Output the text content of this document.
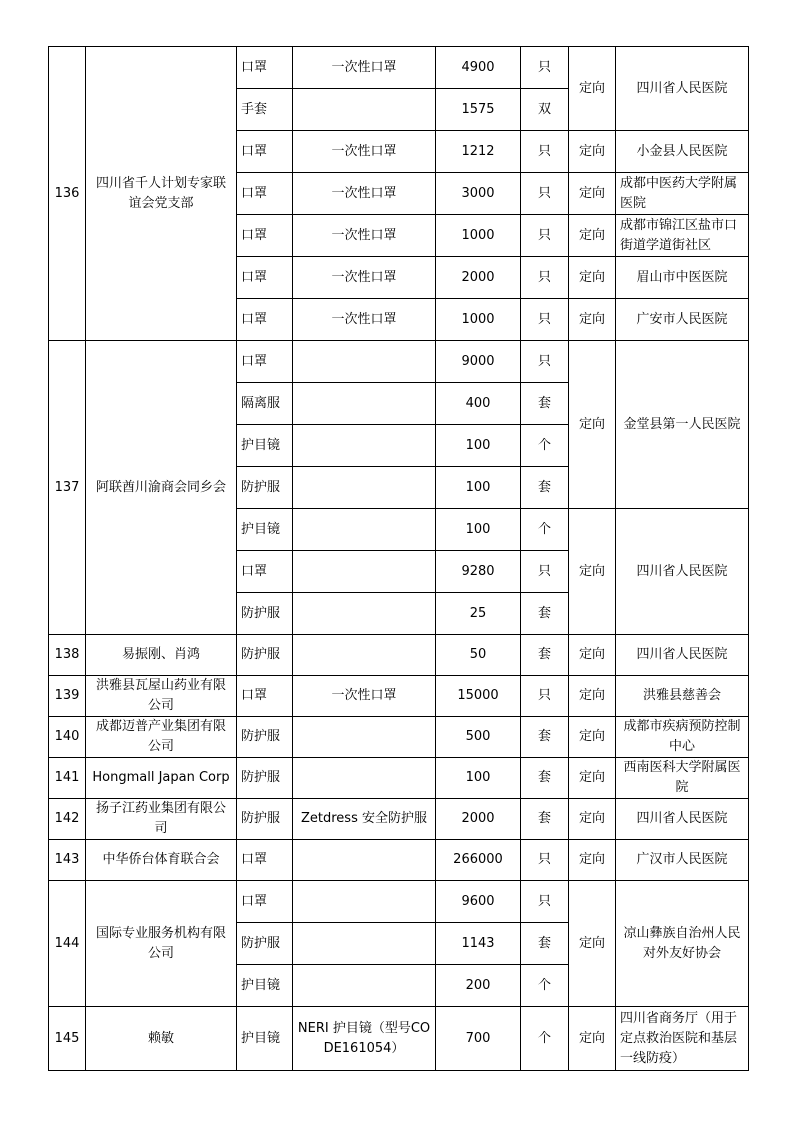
136	四川省千人计划专家联谊会党支部	口罩	一次性口罩	4900	只	定向	四川省人民医院
		手套		1575	双		
		口罩	一次性口罩	1212	只	定向	小金县人民医院
		口罩	一次性口罩	3000	只	定向	成都中医药大学附属医院
		口罩	一次性口罩	1000	只	定向	成都市锦江区盐市口街道学道街社区
		口罩	一次性口罩	2000	只	定向	眉山市中医医院
		口罩	一次性口罩	1000	只	定向	广安市人民医院
137	阿联酋川渝商会同乡会	口罩		9000	只	定向	金堂县第一人民医院
		隔离服		400	套		
		护目镜		100	个		
		防护服		100	套		
		护目镜		100	个	定向	四川省人民医院
		口罩		9280	只		
		防护服		25	套		
138	易振刚、肖鸿	防护服		50	套	定向	四川省人民医院
139	洪雅县瓦屋山药业有限公司	口罩	一次性口罩	15000	只	定向	洪雅县慈善会
140	成都迈普产业集团有限公司	防护服		500	套	定向	成都市疾病预防控制中心
141	Hongmall Japan Corp	防护服		100	套	定向	西南医科大学附属医院
142	扬子江药业集团有限公司	防护服	Zetdress 安全防护服	2000	套	定向	四川省人民医院
143	中华侨台体育联合会	口罩		266000	只	定向	广汉市人民医院
144	国际专业服务机构有限公司	口罩		9600	只	定向	凉山彝族自治州人民对外友好协会
		防护服		1143	套		
		护目镜		200	个		
145	赖敏	护目镜	NERI 护目镜（型号CODE161054）	700	个	定向	四川省商务厅（用于定点救治医院和基层一线防疫）
